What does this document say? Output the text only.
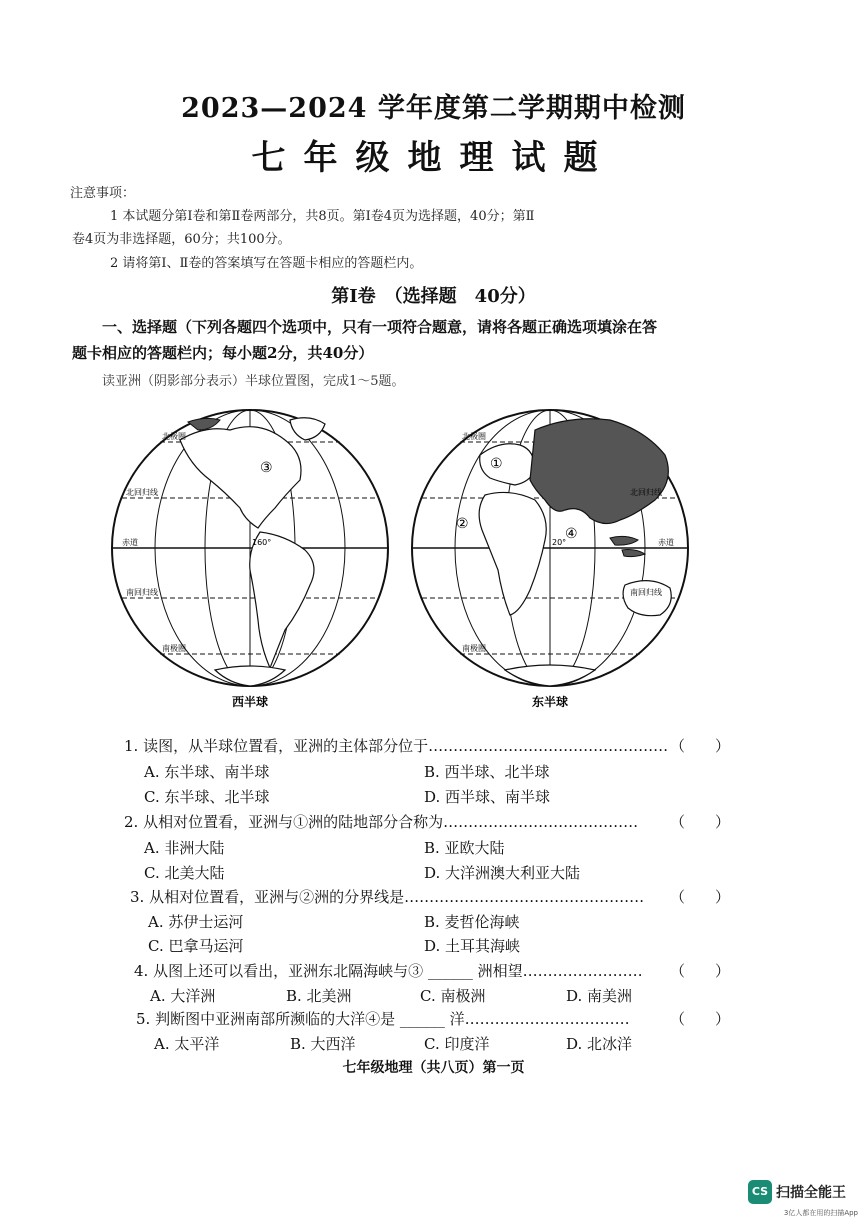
2023—2024 学年度第二学期期中检测
七年级地理试题
注意事项：
1 本试题分第Ⅰ卷和第Ⅱ卷两部分，共8页。第Ⅰ卷4页为选择题，40分；第Ⅱ
卷4页为非选择题，60分；共100分。
2 请将第Ⅰ、Ⅱ卷的答案填写在答题卡相应的答题栏内。
第Ⅰ卷　（选择题　40分）
一、选择题（下列各题四个选项中，只有一项符合题意，请将各题正确选项填涂在答
题卡相应的答题栏内；每小题2分，共40分）
读亚洲（阴影部分表示）半球位置图，完成1～5题。
③
北回归线
赤道
南回归线
北极圈
南极圈
160°
西半球
①
②
④
北回归线
赤道
南回归线
北极圈
南极圈
20°
东半球
1. 读图，从半球位置看，亚洲的主体部分位于………………………………………… （　　）
A. 东半球、南半球	B. 西半球、北半球
C. 东半球、北半球	D. 西半球、南半球
2. 从相对位置看，亚洲与①洲的陆地部分合称为………………………………… （　　）
A. 非洲大陆	B. 亚欧大陆
C. 北美大陆	D. 大洋洲澳大利亚大陆
3. 从相对位置看，亚洲与②洲的分界线是………………………………………… （　　）
A. 苏伊士运河	B. 麦哲伦海峡
C. 巴拿马运河	D. 土耳其海峡
4. 从图上还可以看出，亚洲东北隔海峡与③ ______ 洲相望…………………… （　　）
A. 大洋洲	B. 北美洲	C. 南极洲	D. 南美洲
5. 判断图中亚洲南部所濒临的大洋④是 ______ 洋……………………………	（　　）
A. 太平洋	B. 大西洋	C. 印度洋	D. 北冰洋
七年级地理（共八页）第一页
CS 扫描全能王
3亿人都在用的扫描App
